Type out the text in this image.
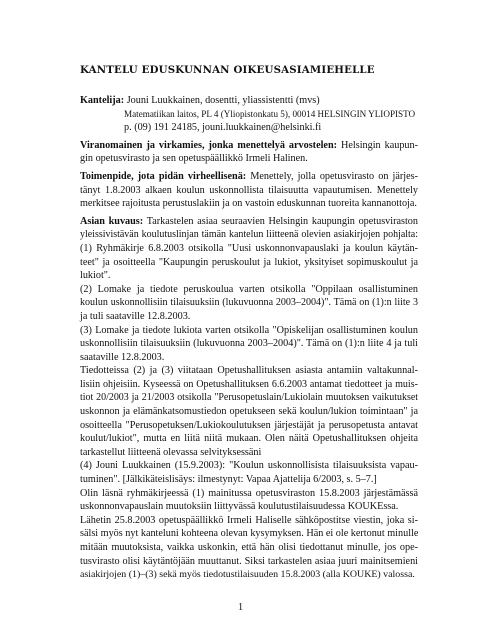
KANTELU EDUSKUNNAN OIKEUSASIAMIEHELLE
Kantelija: Jouni Luukkainen, dosentti, yliassistentti (mvs)
Matematiikan laitos, PL 4 (Yliopistonkatu 5), 00014 HELSINGIN YLIOPISTO
p. (09) 191 24185, jouni.luukkainen@helsinki.fi
Viranomainen ja virkamies, jonka menettelyä arvostelen: Helsingin kaupun-
gin opetusvirasto ja sen opetuspäällikkö Irmeli Halinen.
Toimenpide, jota pidän virheellisenä: Menettely, jolla opetusvirasto on järjes-
tänyt 1.8.2003 alkaen koulun uskonnollista tilaisuutta vapautumisen. Menettely
merkitsee rajoitusta perustuslakiin ja on vastoin eduskunnan tuoreita kannanottoja.
Asian kuvaus: Tarkastelen asiaa seuraavien Helsingin kaupungin opetusviraston
yleissivistävän koulutuslinjan tämän kantelun liitteenä olevien asiakirjojen pohjalta:
(1) Ryhmäkirje 6.8.2003 otsikolla "Uusi uskonnonvapauslaki ja koulun käytän-
teet" ja osoitteella "Kaupungin peruskoulut ja lukiot, yksityiset sopimuskoulut ja
lukiot".
(2) Lomake ja tiedote peruskoulua varten otsikolla "Oppilaan osallistuminen
koulun uskonnollisiin tilaisuuksiin (lukuvuonna 2003–2004)". Tämä on (1):n liite 3
ja tuli saataville 12.8.2003.
(3) Lomake ja tiedote lukiota varten otsikolla "Opiskelijan osallistuminen koulun
uskonnollisiin tilaisuuksiin (lukuvuonna 2003–2004)". Tämä on (1):n liite 4 ja tuli
saataville 12.8.2003.
Tiedotteissa (2) ja (3) viitataan Opetushallituksen asiasta antamiin valtakunnal-
lisiin ohjeisiin. Kyseessä on Opetushallituksen 6.6.2003 antamat tiedotteet ja muis-
tiot 20/2003 ja 21/2003 otsikolla "Perusopetuslain/Lukiolain muutoksen vaikutukset
uskonnon ja elämänkatsomustiedon opetukseen sekä koulun/lukion toimintaan" ja
osoitteella "Perusopetuksen/Lukiokoulutuksen järjestäjät ja perusopetusta antavat
koulut/lukiot", mutta en liitä niitä mukaan. Olen näitä Opetushallituksen ohjeita
tarkastellut liitteenä olevassa selvityksessäni
(4) Jouni Luukkainen (15.9.2003): "Koulun uskonnollisista tilaisuuksista vapau-
tuminen". [Jälkikäteislisäys: ilmestynyt: Vapaa Ajattelija 6/2003, s. 5–7.]
Olin läsnä ryhmäkirjeessä (1) mainitussa opetusviraston 15.8.2003 järjestämässä
uskonnonvapauslain muutoksiin liittyvässä koulutustilaisuudessa KOUKEssa.
Lähetin 25.8.2003 opetuspäällikkö Irmeli Haliselle sähköpostitse viestin, joka si-
sälsi myös nyt kanteluni kohteena olevan kysymyksen. Hän ei ole kertonut minulle
mitään muutoksista, vaikka uskonkin, että hän olisi tiedottanut minulle, jos ope-
tusvirasto olisi käytäntöjään muuttanut. Siksi tarkastelen asiaa juuri mainitsemieni
asiakirjojen (1)–(3) sekä myös tiedotustilaisuuden 15.8.2003 (alla KOUKE) valossa.
1
